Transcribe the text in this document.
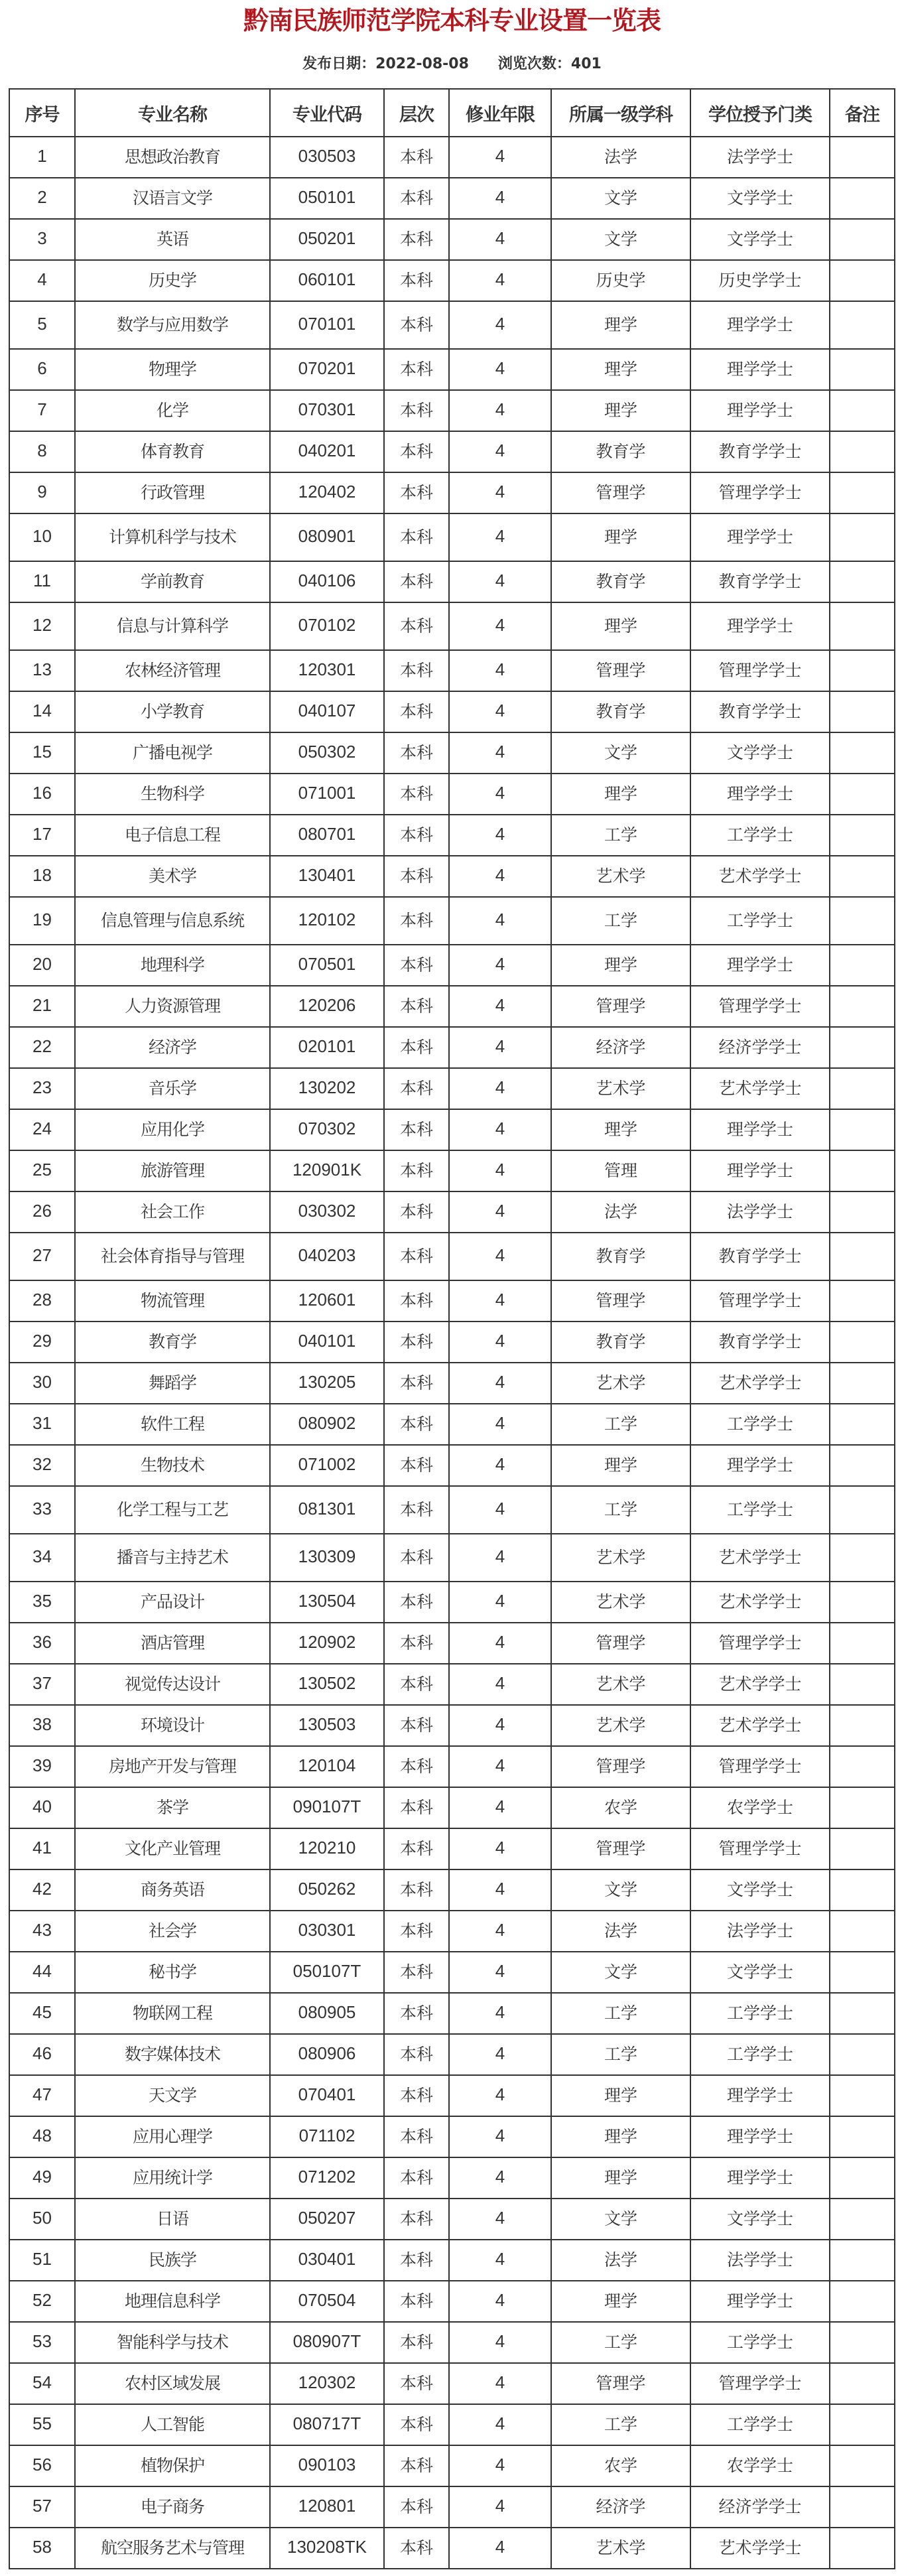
黔南民族师范学院本科专业设置一览表
发布日期：2022-08-08 浏览次数：401
序号	专业名称	专业代码	层次	修业年限	所属一级学科	学位授予门类	备注
1	思想政治教育	030503	本科	4	法学	法学学士	
2	汉语言文学	050101	本科	4	文学	文学学士	
3	英语	050201	本科	4	文学	文学学士	
4	历史学	060101	本科	4	历史学	历史学学士	
5	数学与应用数学	070101	本科	4	理学	理学学士	
6	物理学	070201	本科	4	理学	理学学士	
7	化学	070301	本科	4	理学	理学学士	
8	体育教育	040201	本科	4	教育学	教育学学士	
9	行政管理	120402	本科	4	管理学	管理学学士	
10	计算机科学与技术	080901	本科	4	理学	理学学士	
11	学前教育	040106	本科	4	教育学	教育学学士	
12	信息与计算科学	070102	本科	4	理学	理学学士	
13	农林经济管理	120301	本科	4	管理学	管理学学士	
14	小学教育	040107	本科	4	教育学	教育学学士	
15	广播电视学	050302	本科	4	文学	文学学士	
16	生物科学	071001	本科	4	理学	理学学士	
17	电子信息工程	080701	本科	4	工学	工学学士	
18	美术学	130401	本科	4	艺术学	艺术学学士	
19	信息管理与信息系统	120102	本科	4	工学	工学学士	
20	地理科学	070501	本科	4	理学	理学学士	
21	人力资源管理	120206	本科	4	管理学	管理学学士	
22	经济学	020101	本科	4	经济学	经济学学士	
23	音乐学	130202	本科	4	艺术学	艺术学学士	
24	应用化学	070302	本科	4	理学	理学学士	
25	旅游管理	120901K	本科	4	管理	理学学士	
26	社会工作	030302	本科	4	法学	法学学士	
27	社会体育指导与管理	040203	本科	4	教育学	教育学学士	
28	物流管理	120601	本科	4	管理学	管理学学士	
29	教育学	040101	本科	4	教育学	教育学学士	
30	舞蹈学	130205	本科	4	艺术学	艺术学学士	
31	软件工程	080902	本科	4	工学	工学学士	
32	生物技术	071002	本科	4	理学	理学学士	
33	化学工程与工艺	081301	本科	4	工学	工学学士	
34	播音与主持艺术	130309	本科	4	艺术学	艺术学学士	
35	产品设计	130504	本科	4	艺术学	艺术学学士	
36	酒店管理	120902	本科	4	管理学	管理学学士	
37	视觉传达设计	130502	本科	4	艺术学	艺术学学士	
38	环境设计	130503	本科	4	艺术学	艺术学学士	
39	房地产开发与管理	120104	本科	4	管理学	管理学学士	
40	茶学	090107T	本科	4	农学	农学学士	
41	文化产业管理	120210	本科	4	管理学	管理学学士	
42	商务英语	050262	本科	4	文学	文学学士	
43	社会学	030301	本科	4	法学	法学学士	
44	秘书学	050107T	本科	4	文学	文学学士	
45	物联网工程	080905	本科	4	工学	工学学士	
46	数字媒体技术	080906	本科	4	工学	工学学士	
47	天文学	070401	本科	4	理学	理学学士	
48	应用心理学	071102	本科	4	理学	理学学士	
49	应用统计学	071202	本科	4	理学	理学学士	
50	日语	050207	本科	4	文学	文学学士	
51	民族学	030401	本科	4	法学	法学学士	
52	地理信息科学	070504	本科	4	理学	理学学士	
53	智能科学与技术	080907T	本科	4	工学	工学学士	
54	农村区域发展	120302	本科	4	管理学	管理学学士	
55	人工智能	080717T	本科	4	工学	工学学士	
56	植物保护	090103	本科	4	农学	农学学士	
57	电子商务	120801	本科	4	经济学	经济学学士	
58	航空服务艺术与管理	130208TK	本科	4	艺术学	艺术学学士	
